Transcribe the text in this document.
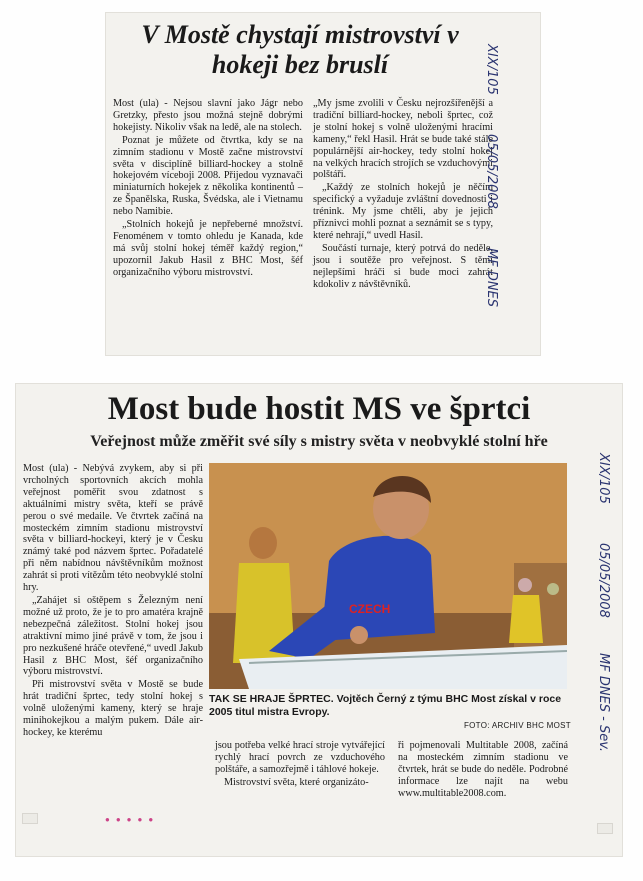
V Mostě chystají mistrovství v hokeji bez bruslí

Most (ula) - Nejsou slavní jako Jágr nebo Gretzky, přesto jsou možná stejně dobrými hokejisty. Nikoliv však na ledě, ale na stolech.

Poznat je můžete od čtvrtka, kdy se na zimním stadionu v Mostě začne mistrovství světa v disciplíně billiard-hockey a stolně hokejovém víceboji 2008. Přijedou vyznavači miniaturních hokejek z několika kontinentů – ze Španělska, Ruska, Švédska, ale i Vietnamu nebo Namibie.

„Stolních hokejů je nepřeberné množství. Fenoménem v tomto ohledu je Kanada, kde má svůj stolní hokej téměř každý region,“ upozornil Jakub Hasil z BHC Most, šéf organizačního výboru mistrovství.

„My jsme zvolili v Česku nejrozšířenější a tradiční billiard-hockey, neboli šprtec, což je stolní hokej s volně uloženými hracími kameny,“ řekl Hasil. Hrát se bude také stále populárnější air-hockey, tedy stolní hokej na velkých hracích strojích se vzduchovými polštáři.

„Každý ze stolních hokejů je něčím specifický a vyžaduje zvláštní dovednosti i trénink. My jsme chtěli, aby je jejich příznivci mohli poznat a seznámit se s typy, které nehrají,“ uvedl Hasil.

Součástí turnaje, který potrvá do neděle, jsou i soutěže pro veřejnost. S těmi nejlepšími hráči si bude moci zahrát kdokoliv z návštěvníků.

XIX/105
05/05/2008
MF DNES
Most bude hostit MS ve šprtci
Veřejnost může změřit své síly s mistry světa v neobvyklé stolní hře

Most (ula) - Nebývá zvykem, aby si při vrcholných sportovních akcích mohla veřejnost poměřit svou zdatnost s aktuálními mistry světa, kteří se právě perou o své medaile. Ve čtvrtek začíná na mosteckém zimním stadionu mistrovství světa v billiard-hockeyi, který je v Česku známý také pod názvem šprtec. Pořadatelé při něm nabídnou návštěvníkům možnost zahrát si proti vítězům této neobvyklé stolní hry.

„Zahájet si oštěpem s Železným není možné už proto, že je to pro amatéra krajně nebezpečná záležitost. Stolní hokej jsou atraktivní mimo jiné právě v tom, že jsou i pro nezkušené hráče otevřené,“ uvedl Jakub Hasil z BHC Most, šéf organizačního výboru mistrovství.

Při mistrovství světa v Mostě se bude hrát tradiční šprtec, tedy stolní hokej s volně uloženými kameny, který se hraje minihokejkou a malým pukem. Dále air-hockey, ke kterému

CZECH
TAK SE HRAJE ŠPRTEC. Vojtěch Černý z týmu BHC Most získal v roce 2005 titul mistra Evropy.
FOTO: ARCHIV BHC MOST

jsou potřeba velké hrací stroje vytvářející rychlý hrací povrch ze vzduchového polštáře, a samozřejmě i táhlové hokeje.

Mistrovství světa, které organizáto-

ři pojmenovali Multitable 2008, začíná na mosteckém zimním stadionu ve čtvrtek, hrát se bude do neděle. Podrobné informace lze najít na webu www.multitable2008.com.

● ● ● ● ●
XIX/105
05/05/2008
MF DNES - Sev.
